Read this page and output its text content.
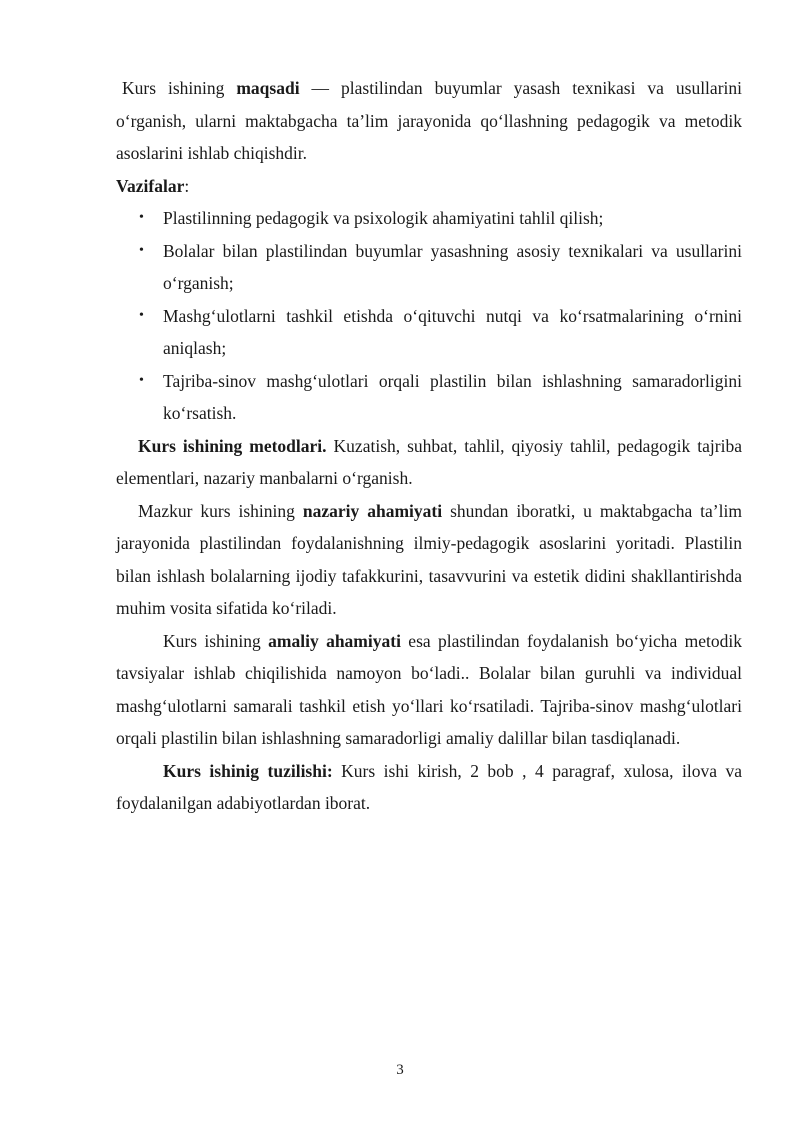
Kurs ishining maqsadi — plastilindan buyumlar yasash texnikasi va usullarini o‘rganish, ularni maktabgacha ta’lim jarayonida qo‘llashning pedagogik va metodik asoslarini ishlab chiqishdir.

Vazifalar:

• Plastilinning pedagogik va psixologik ahamiyatini tahlil qilish;
• Bolalar bilan plastilindan buyumlar yasashning asosiy texnikalari va usullarini o‘rganish;
• Mashg‘ulotlarni tashkil etishda o‘qituvchi nutqi va ko‘rsatmalarining o‘rnini aniqlash;
• Tajriba-sinov mashg‘ulotlari orqali plastilin bilan ishlashning samaradorligini ko‘rsatish.

Kurs ishining metodlari. Kuzatish, suhbat, tahlil, qiyosiy tahlil, pedagogik tajriba elementlari, nazariy manbalarni o‘rganish.

Mazkur kurs ishining nazariy ahamiyati shundan iboratki, u maktabgacha ta’lim jarayonida plastilindan foydalanishning ilmiy-pedagogik asoslarini yoritadi. Plastilin bilan ishlash bolalarning ijodiy tafakkurini, tasavvurini va estetik didini shakllantirishda muhim vosita sifatida ko‘riladi.

Kurs ishining amaliy ahamiyati esa plastilindan foydalanish bo‘yicha metodik tavsiyalar ishlab chiqilishida namoyon bo‘ladi.. Bolalar bilan guruhli va individual mashg‘ulotlarni samarali tashkil etish yo‘llari ko‘rsatiladi. Tajriba-sinov mashg‘ulotlari orqali plastilin bilan ishlashning samaradorligi amaliy dalillar bilan tasdiqlanadi.

Kurs ishinig tuzilishi: Kurs ishi kirish, 2 bob , 4 paragraf, xulosa, ilova va foydalanilgan adabiyotlardan iborat.

3
